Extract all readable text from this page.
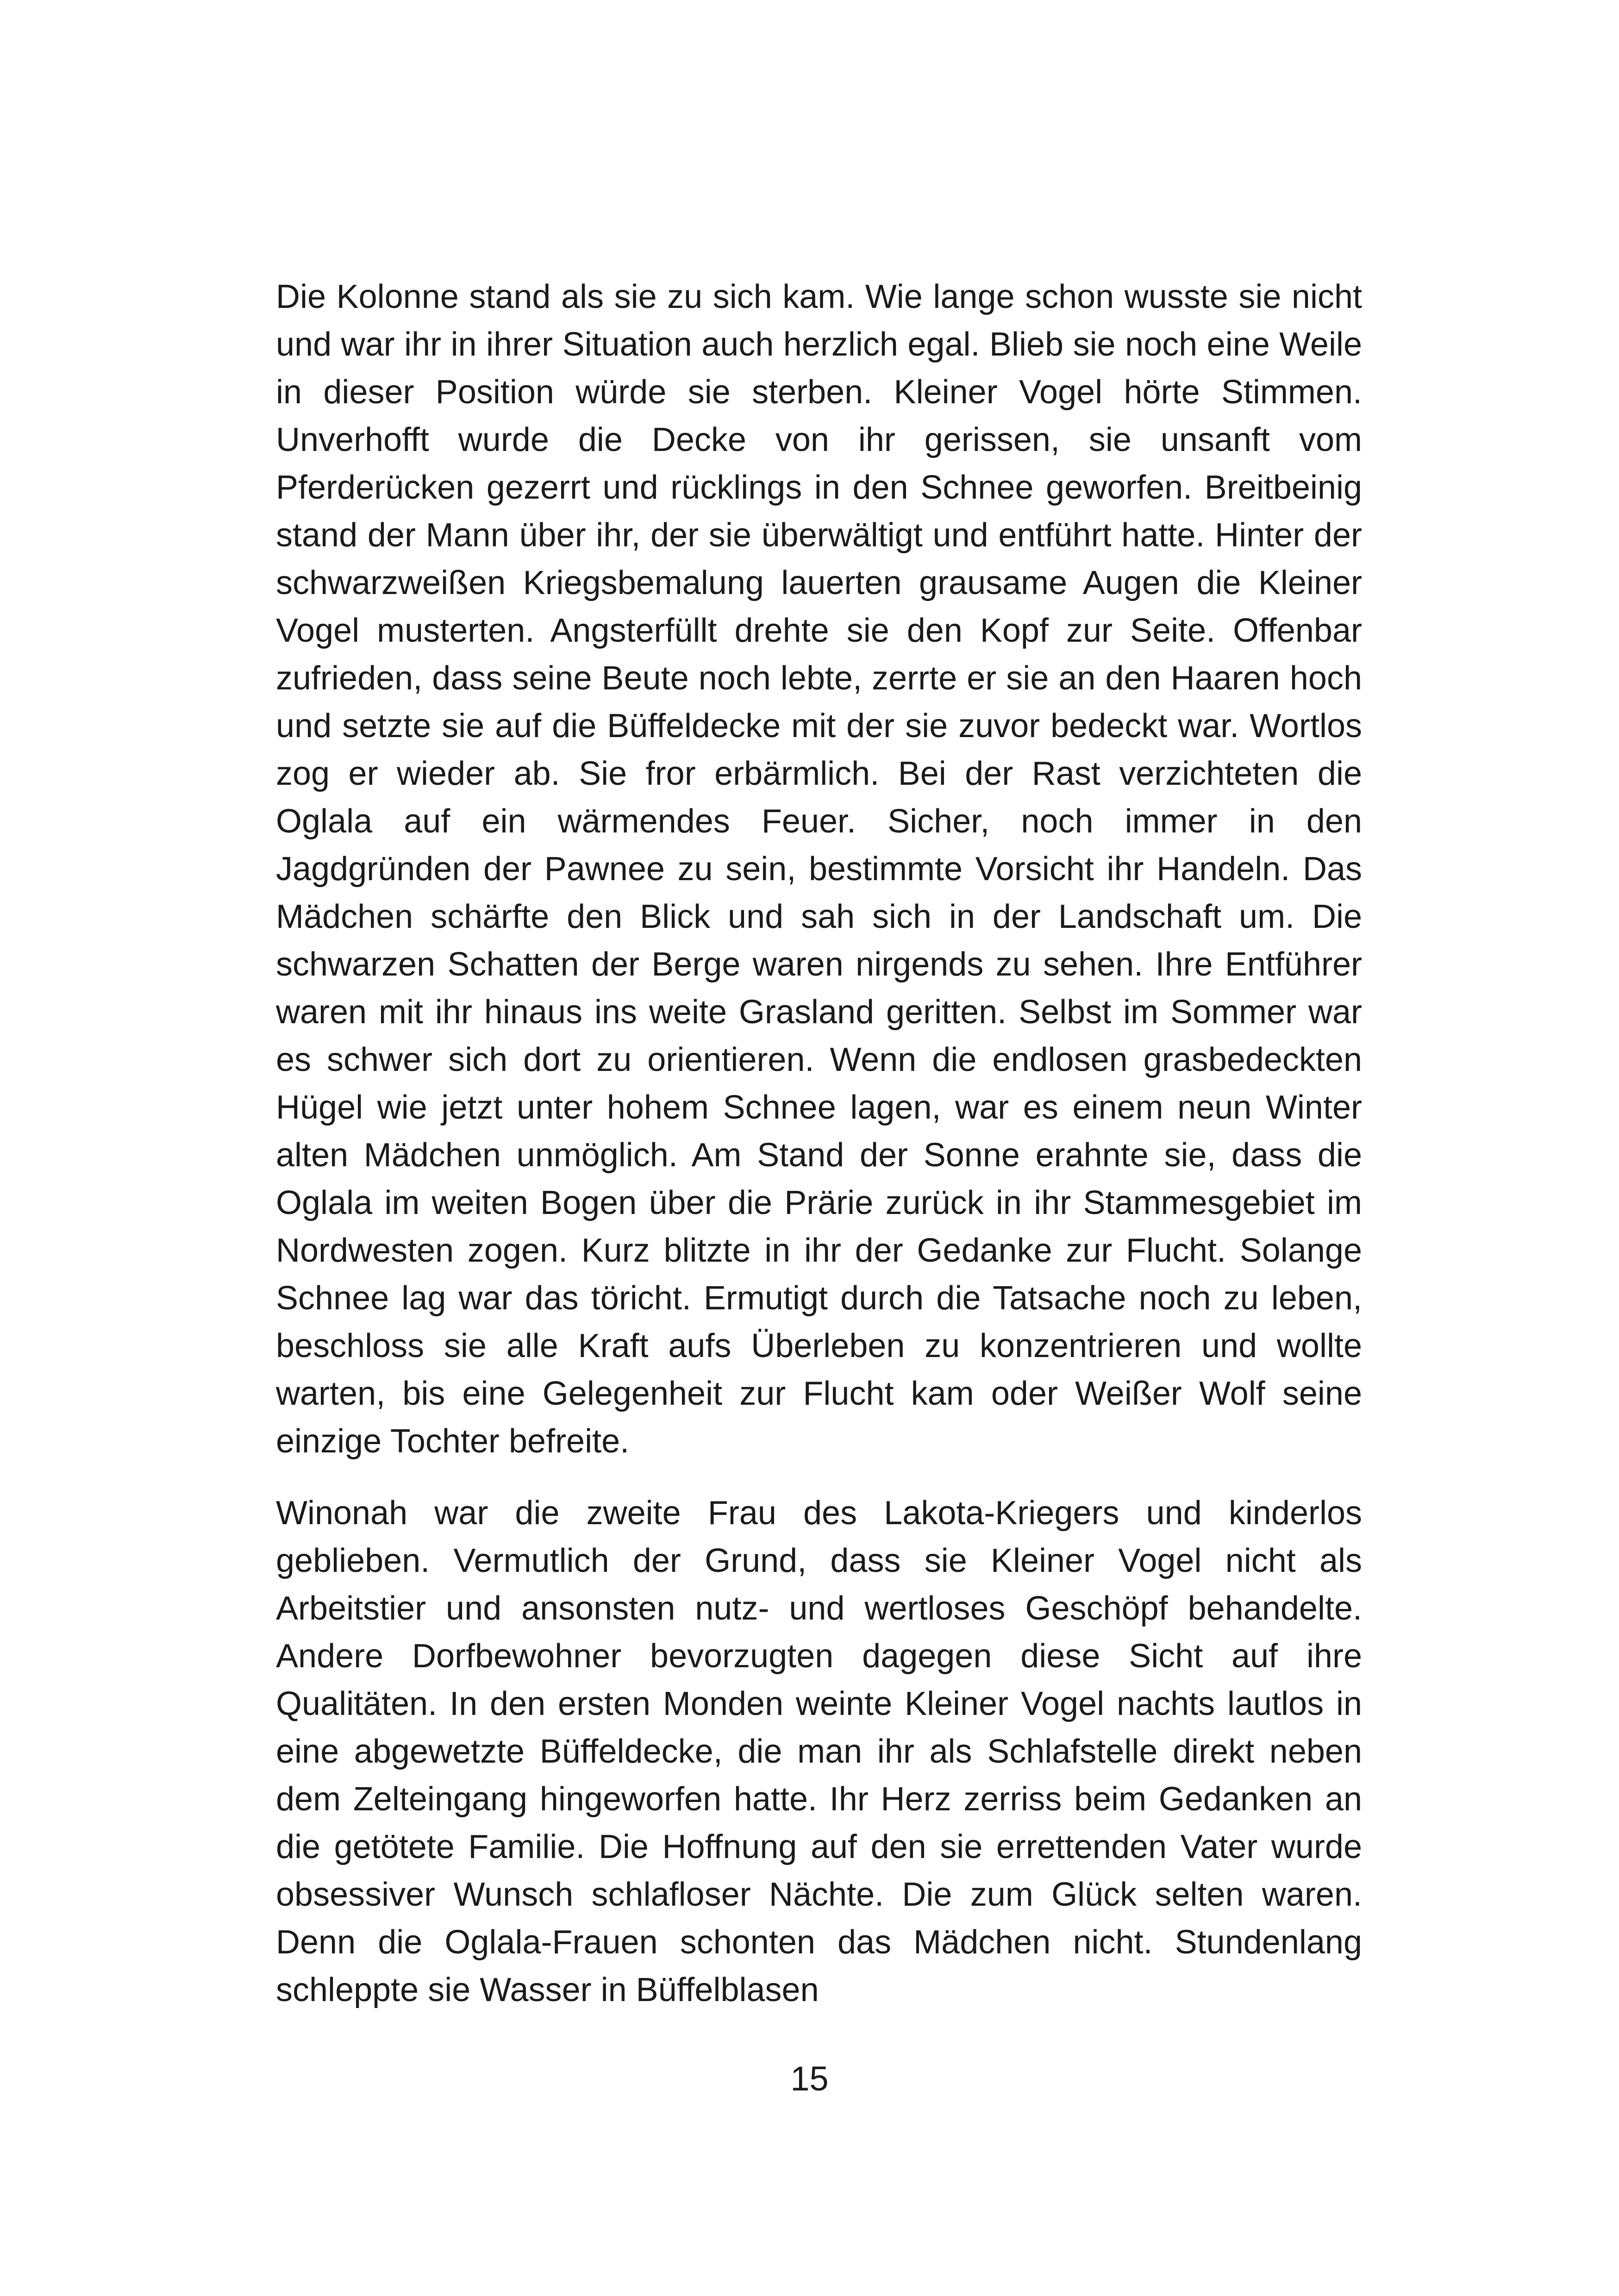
Die Kolonne stand als sie zu sich kam. Wie lange schon wusste sie nicht und war ihr in ihrer Situation auch herzlich egal. Blieb sie noch eine Weile in dieser Position würde sie sterben. Kleiner Vogel hörte Stimmen. Unverhofft wurde die Decke von ihr gerissen, sie unsanft vom Pferderücken gezerrt und rücklings in den Schnee geworfen. Breitbeinig stand der Mann über ihr, der sie überwältigt und entführt hatte. Hinter der schwarzweißen Kriegsbemalung lauerten grausame Augen die Kleiner Vogel musterten. Angsterfüllt drehte sie den Kopf zur Seite. Offenbar zufrieden, dass seine Beute noch lebte, zerrte er sie an den Haaren hoch und setzte sie auf die Büffeldecke mit der sie zuvor bedeckt war. Wortlos zog er wieder ab. Sie fror erbärmlich. Bei der Rast verzichteten die Oglala auf ein wärmendes Feuer. Sicher, noch immer in den Jagdgründen der Pawnee zu sein, bestimmte Vorsicht ihr Handeln. Das Mädchen schärfte den Blick und sah sich in der Landschaft um. Die schwarzen Schatten der Berge waren nirgends zu sehen. Ihre Entführer waren mit ihr hinaus ins weite Grasland geritten. Selbst im Sommer war es schwer sich dort zu orientieren. Wenn die endlosen grasbedeckten Hügel wie jetzt unter hohem Schnee lagen, war es einem neun Winter alten Mädchen unmöglich. Am Stand der Sonne erahnte sie, dass die Oglala im weiten Bogen über die Prärie zurück in ihr Stammesgebiet im Nordwesten zogen. Kurz blitzte in ihr der Gedanke zur Flucht. Solange Schnee lag war das töricht. Ermutigt durch die Tatsache noch zu leben, beschloss sie alle Kraft aufs Überleben zu konzentrieren und wollte warten, bis eine Gelegenheit zur Flucht kam oder Weißer Wolf seine einzige Tochter befreite.

Winonah war die zweite Frau des Lakota-Kriegers und kinderlos geblieben. Vermutlich der Grund, dass sie Kleiner Vogel nicht als Arbeitstier und ansonsten nutz- und wertloses Geschöpf behandelte. Andere Dorfbewohner bevorzugten dagegen diese Sicht auf ihre Qualitäten. In den ersten Monden weinte Kleiner Vogel nachts lautlos in eine abgewetzte Büffeldecke, die man ihr als Schlafstelle direkt neben dem Zelteingang hingeworfen hatte. Ihr Herz zerriss beim Gedanken an die getötete Familie. Die Hoffnung auf den sie errettenden Vater wurde obsessiver Wunsch schlafloser Nächte. Die zum Glück selten waren. Denn die Oglala-Frauen schonten das Mädchen nicht. Stundenlang schleppte sie Wasser in Büffelblasen

15
